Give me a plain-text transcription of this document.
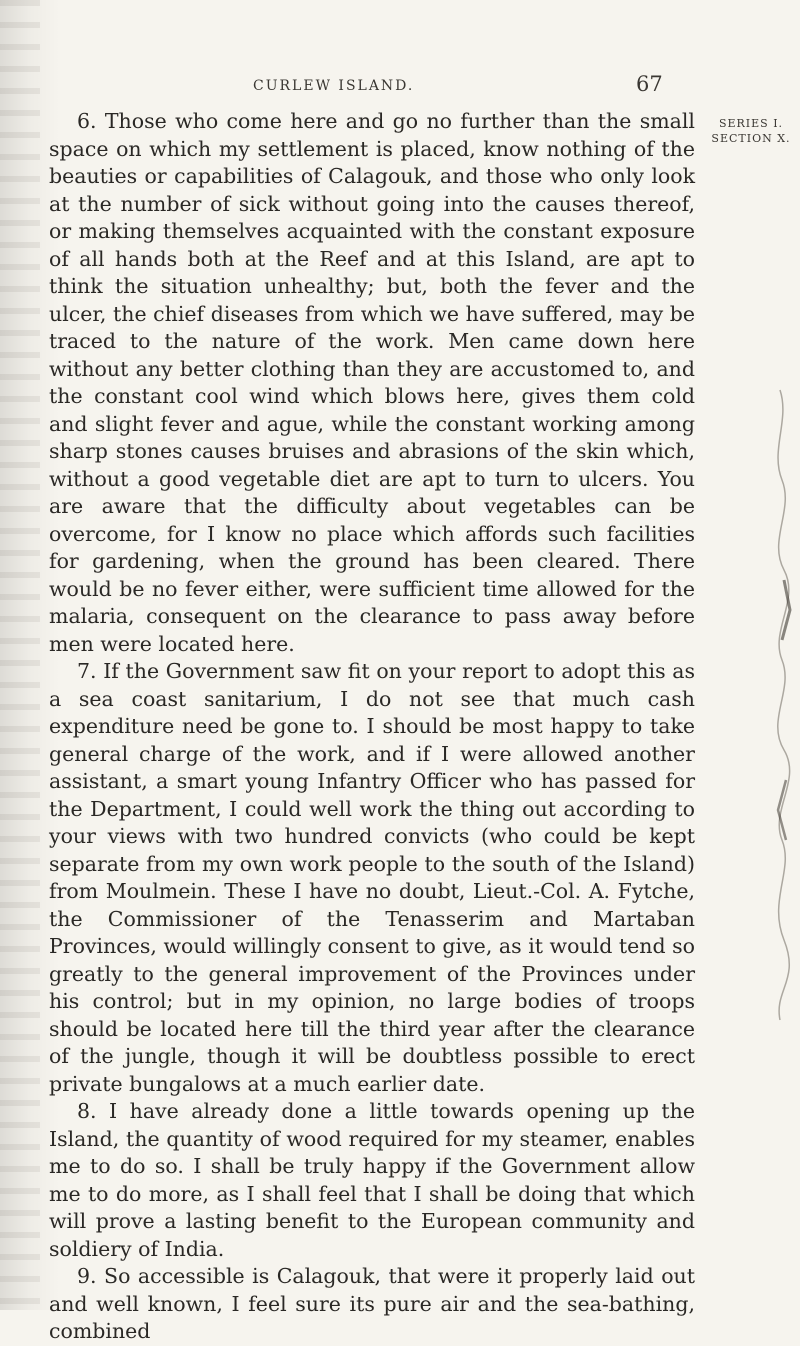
CURLEW ISLAND.	67
SERIES I.
SECTION X.

6. Those who come here and go no further than the small space on which my settlement is placed, know nothing of the beauties or capabilities of Calagouk, and those who only look at the number of sick without going into the causes thereof, or making themselves acquainted with the constant exposure of all hands both at the Reef and at this Island, are apt to think the situation unhealthy; but, both the fever and the ulcer, the chief diseases from which we have suffered, may be traced to the nature of the work. Men came down here without any better clothing than they are accustomed to, and the constant cool wind which blows here, gives them cold and slight fever and ague, while the constant working among sharp stones causes bruises and abrasions of the skin which, without a good vegetable diet are apt to turn to ulcers. You are aware that the difficulty about vegetables can be overcome, for I know no place which affords such facilities for gardening, when the ground has been cleared. There would be no fever either, were sufficient time allowed for the malaria, consequent on the clearance to pass away before men were located here.

7. If the Government saw fit on your report to adopt this as a sea coast sanitarium, I do not see that much cash expenditure need be gone to. I should be most happy to take general charge of the work, and if I were allowed another assistant, a smart young Infantry Officer who has passed for the Department, I could well work the thing out according to your views with two hundred convicts (who could be kept separate from my own work people to the south of the Island) from Moulmein. These I have no doubt, Lieut.-Col. A. Fytche, the Commissioner of the Tenasserim and Martaban Provinces, would willingly consent to give, as it would tend so greatly to the general improvement of the Provinces under his control; but in my opinion, no large bodies of troops should be located here till the third year after the clearance of the jungle, though it will be doubtless possible to erect private bungalows at a much earlier date.

8. I have already done a little towards opening up the Island, the quantity of wood required for my steamer, enables me to do so. I shall be truly happy if the Government allow me to do more, as I shall feel that I shall be doing that which will prove a lasting benefit to the European community and soldiery of India.

9. So accessible is Calagouk, that were it properly laid out and well known, I feel sure its pure air and the sea-bathing, combined
